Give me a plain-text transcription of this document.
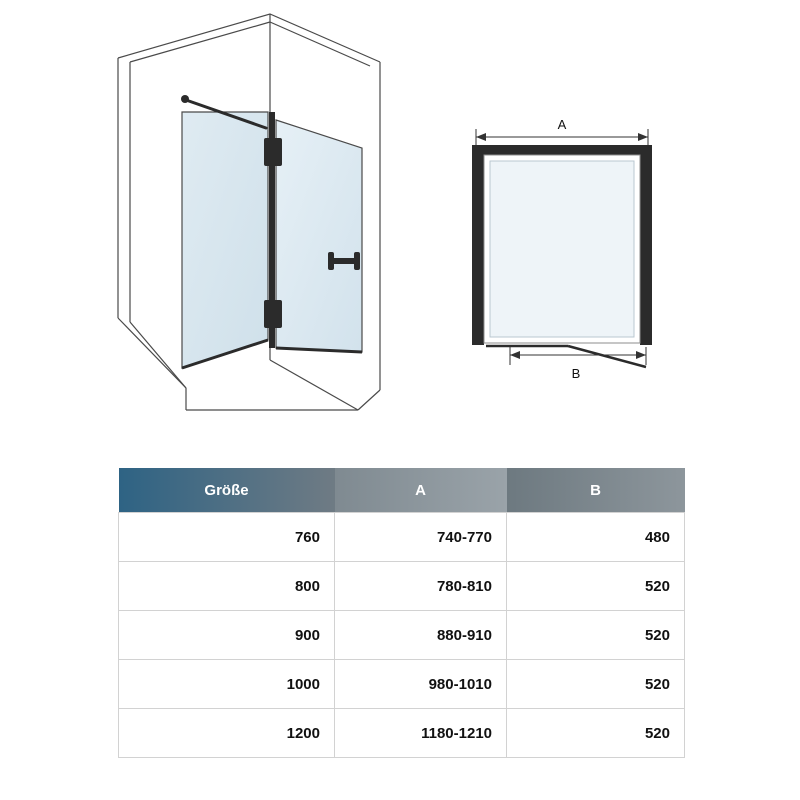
A
B
Größe	A	B
760	740-770	480
800	780-810	520
900	880-910	520
1000	980-1010	520
1200	1180-1210	520
